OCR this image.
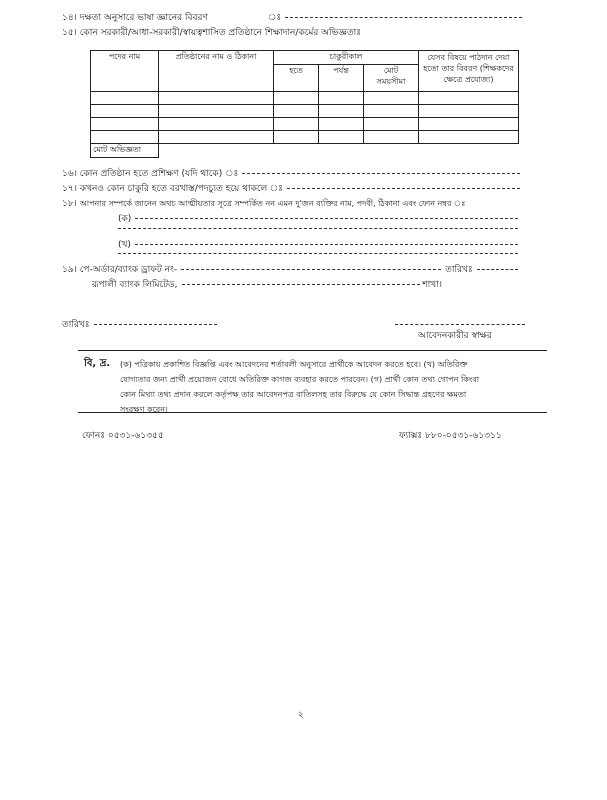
১৪।
দক্ষতা অনুসারে ভাষা জ্ঞানের বিবরণ	ঃ
১৫।
কোন সরকারী/আধা-সরকারী/স্বায়ত্বশাসিত প্রতিষ্ঠানে শিক্ষাদান/কর্মের অভিজ্ঞতাঃ
পদের নাম	প্রতিষ্ঠানের নাম ও ঠিকানা	চাকুরীকাল			যেসব বিষয়ে পাঠদান দেয়া
হতো তার বিবরণ (শিক্ষকদের
ক্ষেত্রে প্রযোজ্য)

		হতে	পর্যন্ত	মোট
সময়সীমা	

মোট অভিজ্ঞতা					
১৬।
কোন প্রতিষ্ঠান হতে প্রশিক্ষণ (যদি থাকে)
ঃ
১৭।
কখনও কোন চাকুরি হতে বরখাস্ত/পদচ্যুত হয়ে থাকলে ঃ
১৮।
আপনার সম্পর্কে জানেন অথচ আত্মীয়তার সূত্রে সম্পর্কিত নন এমন দু'জন ব্যক্তির নাম, পদবী, ঠিকানা এবং ফোন নম্বর ঃ
(ক)
(খ)
১৯।
পে-অর্ডার/ব্যাংক ড্রাফট নং-	তারিখঃ
রূপালী ব্যাংক লিমিটেড,	শাখা।
তারিখঃ
আবেদনকারীর স্বাক্ষর
বি, দ্র. (ক) পত্রিকায় প্রকাশিত বিজ্ঞপ্তি এবং আবেদনের শর্তাবলী অনুসারে প্রার্থীকে আবেদন করতে হবে। (খ) অতিরিক্ত
যোগ্যতার জন্য প্রার্থী প্রয়োজন বোধে অতিরিক্ত কাগজ ব্যবহার করতে পারবেন। (গ) প্রার্থী কোন তথ্য গোপন কিংবা
কোন মিথ্যা তথ্য প্রদান করলে কর্তৃপক্ষ তার আবেদনপত্র বাতিলসহ তার বিরুদ্ধে যে কোন সিদ্ধান্ত গ্রহণের ক্ষমতা
সংরক্ষণ করেন।
ফোনঃ ০৫৩১-৬১৩৫৫	ফ্যাক্সঃ ৮৮০-০৫৩১-৬১৩১১
২
